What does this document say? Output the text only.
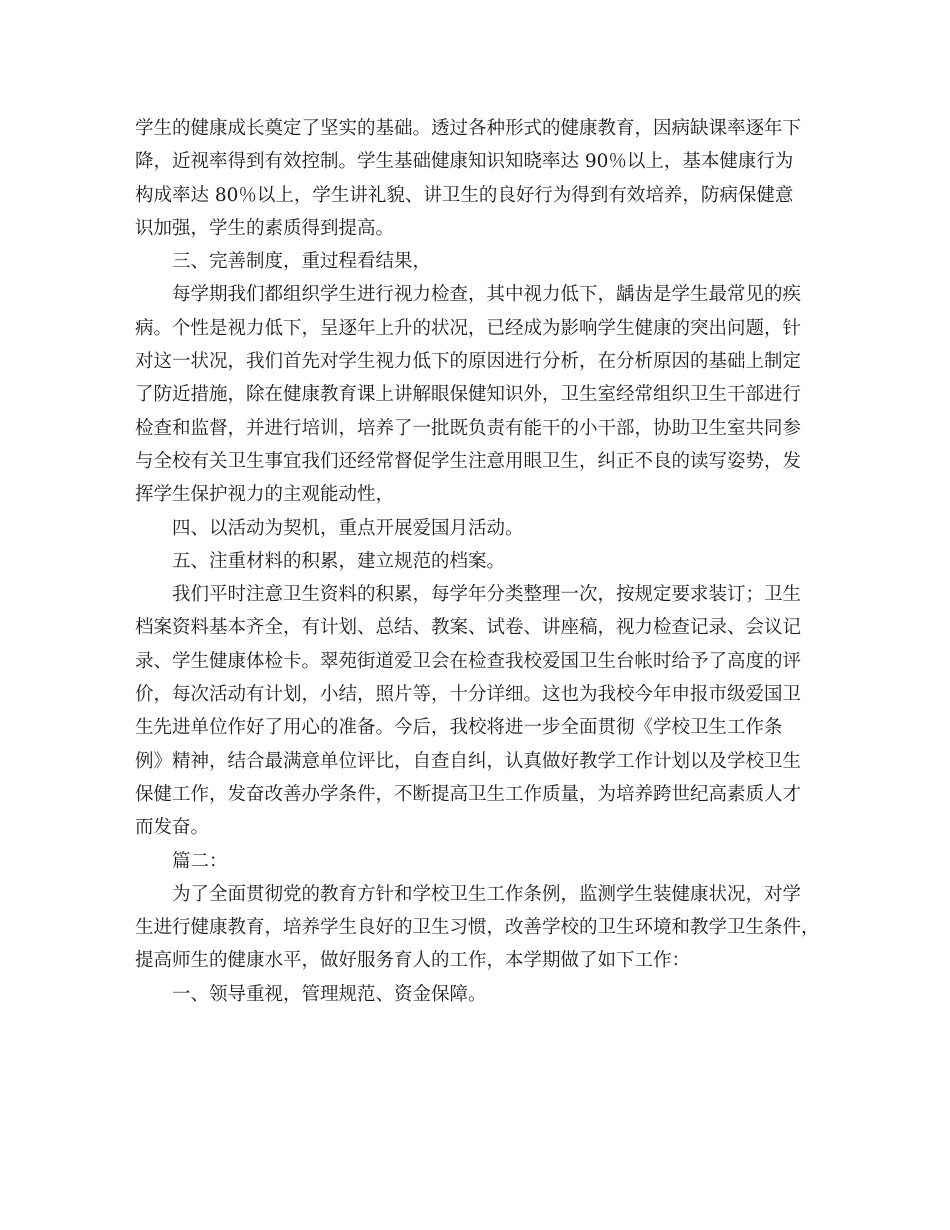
学生的健康成长奠定了坚实的基础。透过各种形式的健康教育，因病缺课率逐年下
降，近视率得到有效控制。学生基础健康知识知晓率达 90％以上，基本健康行为
构成率达 80％以上，学生讲礼貌、讲卫生的良好行为得到有效培养，防病保健意
识加强，学生的素质得到提高。
　　三、完善制度，重过程看结果，
　　每学期我们都组织学生进行视力检查，其中视力低下，龋齿是学生最常见的疾
病。个性是视力低下，呈逐年上升的状况，已经成为影响学生健康的突出问题，针
对这一状况，我们首先对学生视力低下的原因进行分析，在分析原因的基础上制定
了防近措施，除在健康教育课上讲解眼保健知识外，卫生室经常组织卫生干部进行
检查和监督，并进行培训，培养了一批既负责有能干的小干部，协助卫生室共同参
与全校有关卫生事宜我们还经常督促学生注意用眼卫生，纠正不良的读写姿势，发
挥学生保护视力的主观能动性，
　　四、以活动为契机，重点开展爱国月活动。
　　五、注重材料的积累，建立规范的档案。
　　我们平时注意卫生资料的积累，每学年分类整理一次，按规定要求装订；卫生
档案资料基本齐全，有计划、总结、教案、试卷、讲座稿，视力检查记录、会议记
录、学生健康体检卡。翠苑街道爱卫会在检查我校爱国卫生台帐时给予了高度的评
价，每次活动有计划，小结，照片等，十分详细。这也为我校今年申报市级爱国卫
生先进单位作好了用心的准备。今后，我校将进一步全面贯彻《学校卫生工作条
例》精神，结合最满意单位评比，自查自纠，认真做好教学工作计划以及学校卫生
保健工作，发奋改善办学条件，不断提高卫生工作质量，为培养跨世纪高素质人才
而发奋。
　　篇二：
　　为了全面贯彻党的教育方针和学校卫生工作条例，监测学生装健康状况，对学
生进行健康教育，培养学生良好的卫生习惯，改善学校的卫生环境和教学卫生条件，
提高师生的健康水平，做好服务育人的工作，本学期做了如下工作：
　　一、领导重视，管理规范、资金保障。
